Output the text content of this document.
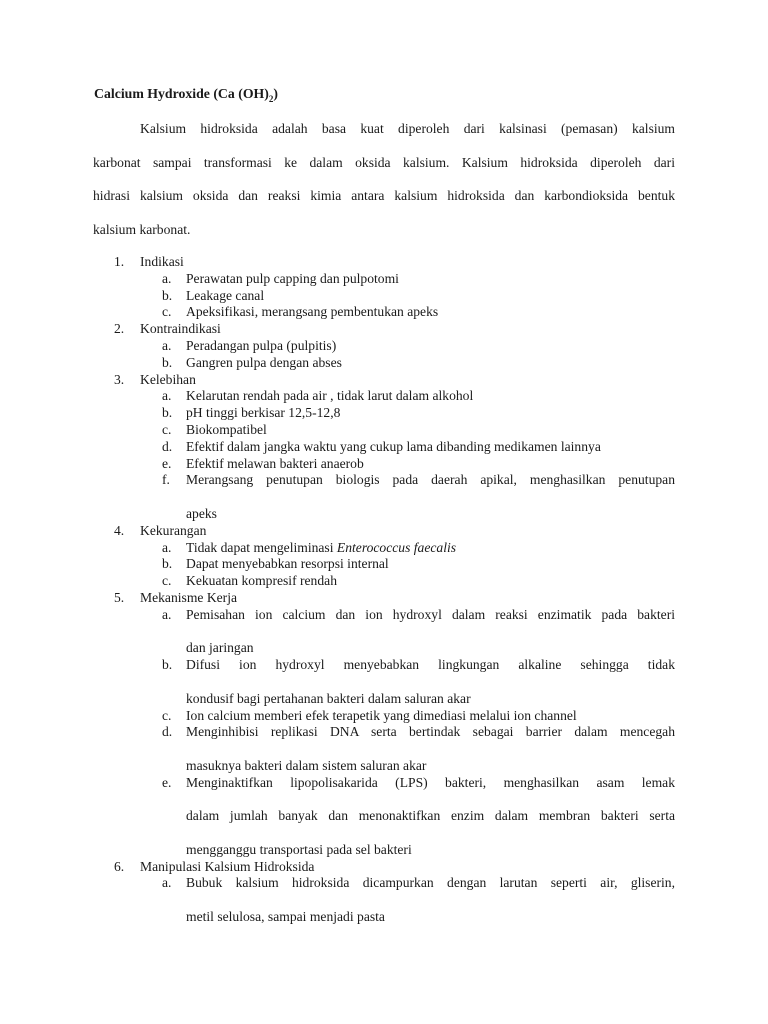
Calcium Hydroxide (Ca $(OH)_2$)
Kalsium hidroksida adalah basa kuat diperoleh dari kalsinasi (pemasan) kalsium
karbonat sampai transformasi ke dalam oksida kalsium. Kalsium hidroksida diperoleh dari
hidrasi kalsium oksida dan reaksi kimia antara kalsium hidroksida dan karbondioksida bentuk
kalsium karbonat.
1. Indikasi
a. Perawatan pulp capping dan pulpotomi
b. Leakage canal
c. Apeksifikasi, merangsang pembentukan apeks
2. Kontraindikasi
a. Peradangan pulpa (pulpitis)
b. Gangren pulpa dengan abses
3. Kelebihan
a. Kelarutan rendah pada air , tidak larut dalam alkohol
b. pH tinggi berkisar 12,5-12,8
c. Biokompatibel
d. Efektif dalam jangka waktu yang cukup lama dibanding medikamen lainnya
e. Efektif melawan bakteri anaerob
f. Merangsang penutupan biologis pada daerah apikal, menghasilkan penutupan
apeks
4. Kekurangan
a. Tidak dapat mengeliminasi Enterococcus faecalis
b. Dapat menyebabkan resorpsi internal
c. Kekuatan kompresif rendah
5. Mekanisme Kerja
a. Pemisahan ion calcium dan ion hydroxyl dalam reaksi enzimatik pada bakteri
dan jaringan
b. Difusi ion hydroxyl menyebabkan lingkungan alkaline sehingga tidak
kondusif bagi pertahanan bakteri dalam saluran akar
c. Ion calcium memberi efek terapetik yang dimediasi melalui ion channel
d. Menginhibisi replikasi DNA serta bertindak sebagai barrier dalam mencegah
masuknya bakteri dalam sistem saluran akar
e. Menginaktifkan lipopolisakarida (LPS) bakteri, menghasilkan asam lemak
dalam jumlah banyak dan menonaktifkan enzim dalam membran bakteri serta
mengganggu transportasi pada sel bakteri
6. Manipulasi Kalsium Hidroksida
a. Bubuk kalsium hidroksida dicampurkan dengan larutan seperti air, gliserin,
metil selulosa, sampai menjadi pasta
